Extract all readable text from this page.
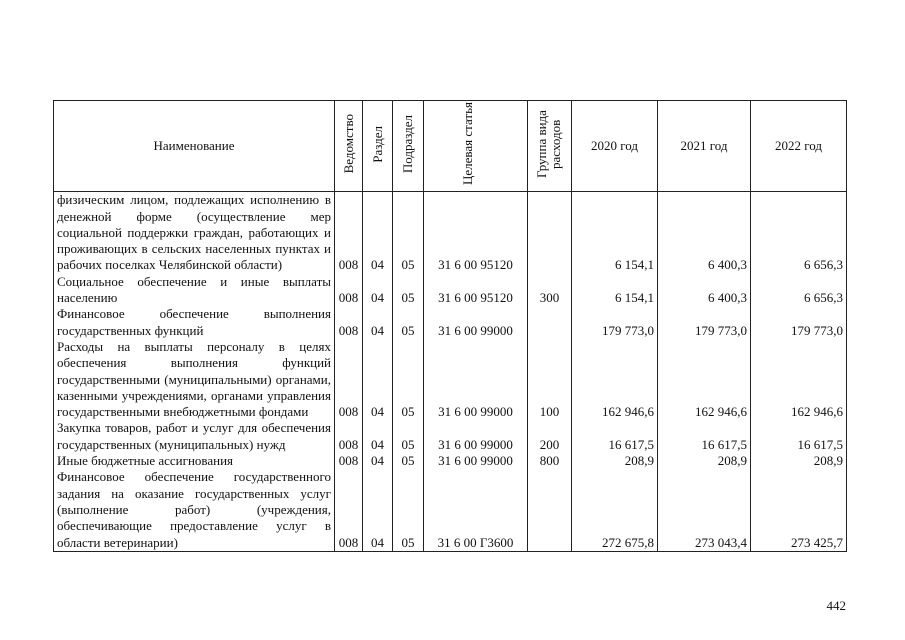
Наименование	Ведомство	Раздел	Подраздел	Целевая статья	Группа вида расходов	2020 год	2021 год	2022 год
физическим лицом, подлежащих исполнению в денежной форме (осуществление мер социальной поддержки граждан, работающих и проживающих в сельских населенных пунктах и рабочих поселках Челябинской области)	008	04	05	31 6 00 95120		6 154,1	6 400,3	6 656,3
Социальное обеспечение и иные выплаты населению	008	04	05	31 6 00 95120	300	6 154,1	6 400,3	6 656,3
Финансовое обеспечение выполнения государственных функций	008	04	05	31 6 00 99000		179 773,0	179 773,0	179 773,0
Расходы на выплаты персоналу в целях обеспечения выполнения функций государственными (муниципальными) органами, казенными учреждениями, органами управления государственными внебюджетными фондами	008	04	05	31 6 00 99000	100	162 946,6	162 946,6	162 946,6
Закупка товаров, работ и услуг для обеспечения государственных (муниципальных) нужд	008	04	05	31 6 00 99000	200	16 617,5	16 617,5	16 617,5
Иные бюджетные ассигнования	008	04	05	31 6 00 99000	800	208,9	208,9	208,9
Финансовое обеспечение государственного задания на оказание государственных услуг (выполнение работ) (учреждения, обеспечивающие предоставление услуг в области ветеринарии)	008	04	05	31 6 00 Г3600		272 675,8	273 043,4	273 425,7
442
